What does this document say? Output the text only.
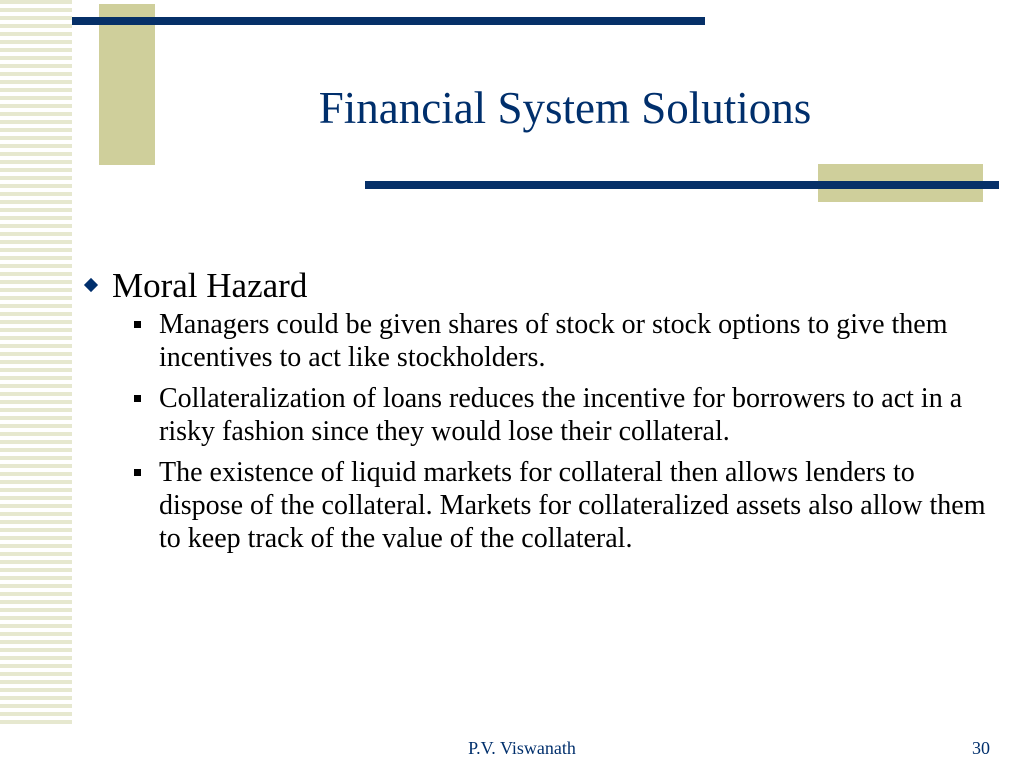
Financial System Solutions
Moral Hazard
Managers could be given shares of stock or stock options to give them incentives to act like stockholders.
Collateralization of loans reduces the incentive for borrowers to act in a risky fashion since they would lose their collateral.
The existence of liquid markets for collateral then allows lenders to dispose of the collateral. Markets for collateralized assets also allow them to keep track of the value of the collateral.
P.V. Viswanath	30
